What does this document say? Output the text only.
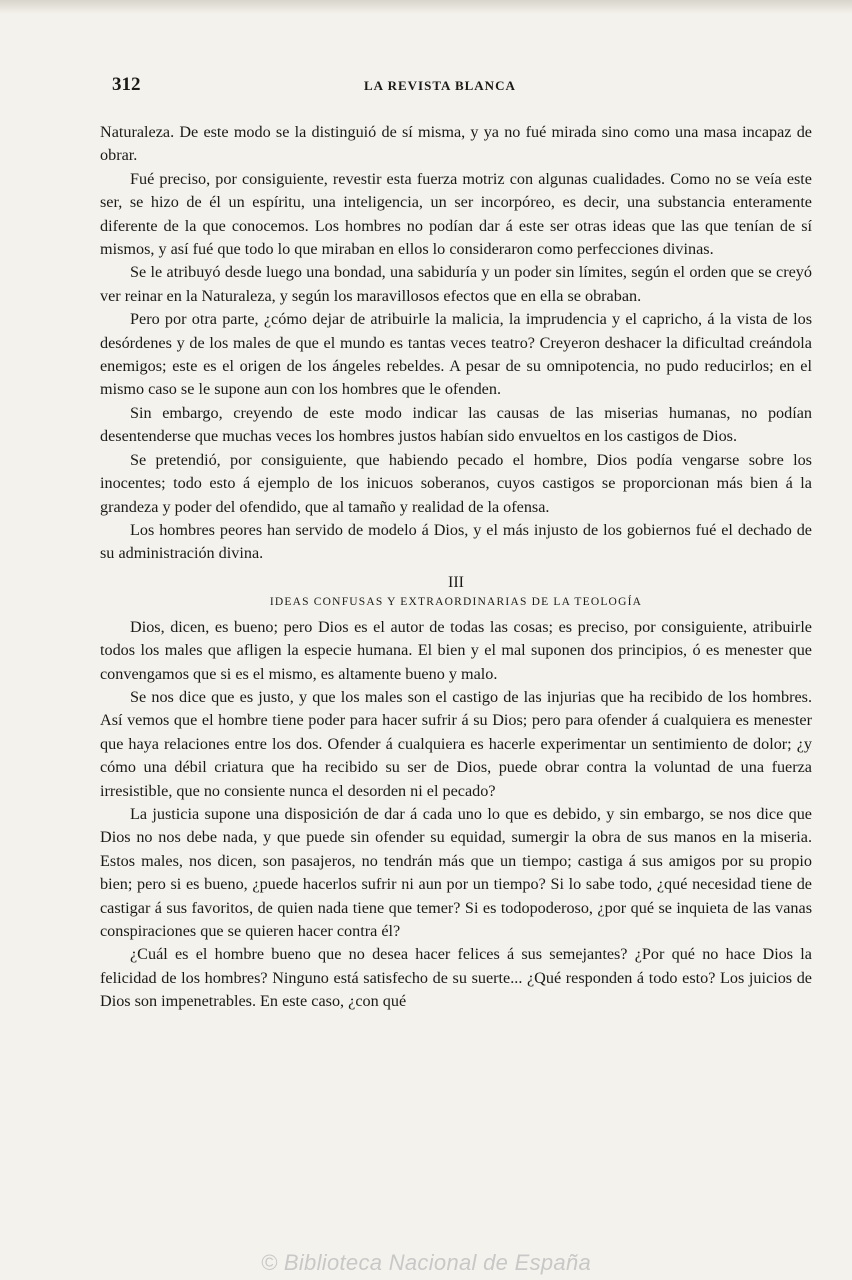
312	LA REVISTA BLANCA

Naturaleza. De este modo se la distinguió de sí misma, y ya no fué mirada sino como una masa incapaz de obrar.

Fué preciso, por consiguiente, revestir esta fuerza motriz con algunas cualidades. Como no se veía este ser, se hizo de él un espíritu, una inteligencia, un ser incorpóreo, es decir, una substancia enteramente diferente de la que conocemos. Los hombres no podían dar á este ser otras ideas que las que tenían de sí mismos, y así fué que todo lo que miraban en ellos lo consideraron como perfecciones divinas.

Se le atribuyó desde luego una bondad, una sabiduría y un poder sin límites, según el orden que se creyó ver reinar en la Naturaleza, y según los maravillosos efectos que en ella se obraban.

Pero por otra parte, ¿cómo dejar de atribuirle la malicia, la imprudencia y el capricho, á la vista de los desórdenes y de los males de que el mundo es tantas veces teatro? Creyeron deshacer la dificultad creándola enemigos; este es el origen de los ángeles rebeldes. A pesar de su omnipotencia, no pudo reducirlos; en el mismo caso se le supone aun con los hombres que le ofenden.

Sin embargo, creyendo de este modo indicar las causas de las miserias humanas, no podían desentenderse que muchas veces los hombres justos habían sido envueltos en los castigos de Dios.

Se pretendió, por consiguiente, que habiendo pecado el hombre, Dios podía vengarse sobre los inocentes; todo esto á ejemplo de los inicuos soberanos, cuyos castigos se proporcionan más bien á la grandeza y poder del ofendido, que al tamaño y realidad de la ofensa.

Los hombres peores han servido de modelo á Dios, y el más injusto de los gobiernos fué el dechado de su administración divina.

III
IDEAS CONFUSAS Y EXTRAORDINARIAS DE LA TEOLOGÍA

Dios, dicen, es bueno; pero Dios es el autor de todas las cosas; es preciso, por consiguiente, atribuirle todos los males que afligen la especie humana. El bien y el mal suponen dos principios, ó es menester que convengamos que si es el mismo, es altamente bueno y malo.

Se nos dice que es justo, y que los males son el castigo de las injurias que ha recibido de los hombres. Así vemos que el hombre tiene poder para hacer sufrir á su Dios; pero para ofender á cualquiera es menester que haya relaciones entre los dos. Ofender á cualquiera es hacerle experimentar un sentimiento de dolor; ¿y cómo una débil criatura que ha recibido su ser de Dios, puede obrar contra la voluntad de una fuerza irresistible, que no consiente nunca el desorden ni el pecado?

La justicia supone una disposición de dar á cada uno lo que es debido, y sin embargo, se nos dice que Dios no nos debe nada, y que puede sin ofender su equidad, sumergir la obra de sus manos en la miseria. Estos males, nos dicen, son pasajeros, no tendrán más que un tiempo; castiga á sus amigos por su propio bien; pero si es bueno, ¿puede hacerlos sufrir ni aun por un tiempo? Si lo sabe todo, ¿qué necesidad tiene de castigar á sus favoritos, de quien nada tiene que temer? Si es todopoderoso, ¿por qué se inquieta de las vanas conspiraciones que se quieren hacer contra él?

¿Cuál es el hombre bueno que no desea hacer felices á sus semejantes? ¿Por qué no hace Dios la felicidad de los hombres? Ninguno está satisfecho de su suerte... ¿Qué responden á todo esto? Los juicios de Dios son impenetrables. En este caso, ¿con qué

© Biblioteca Nacional de España
